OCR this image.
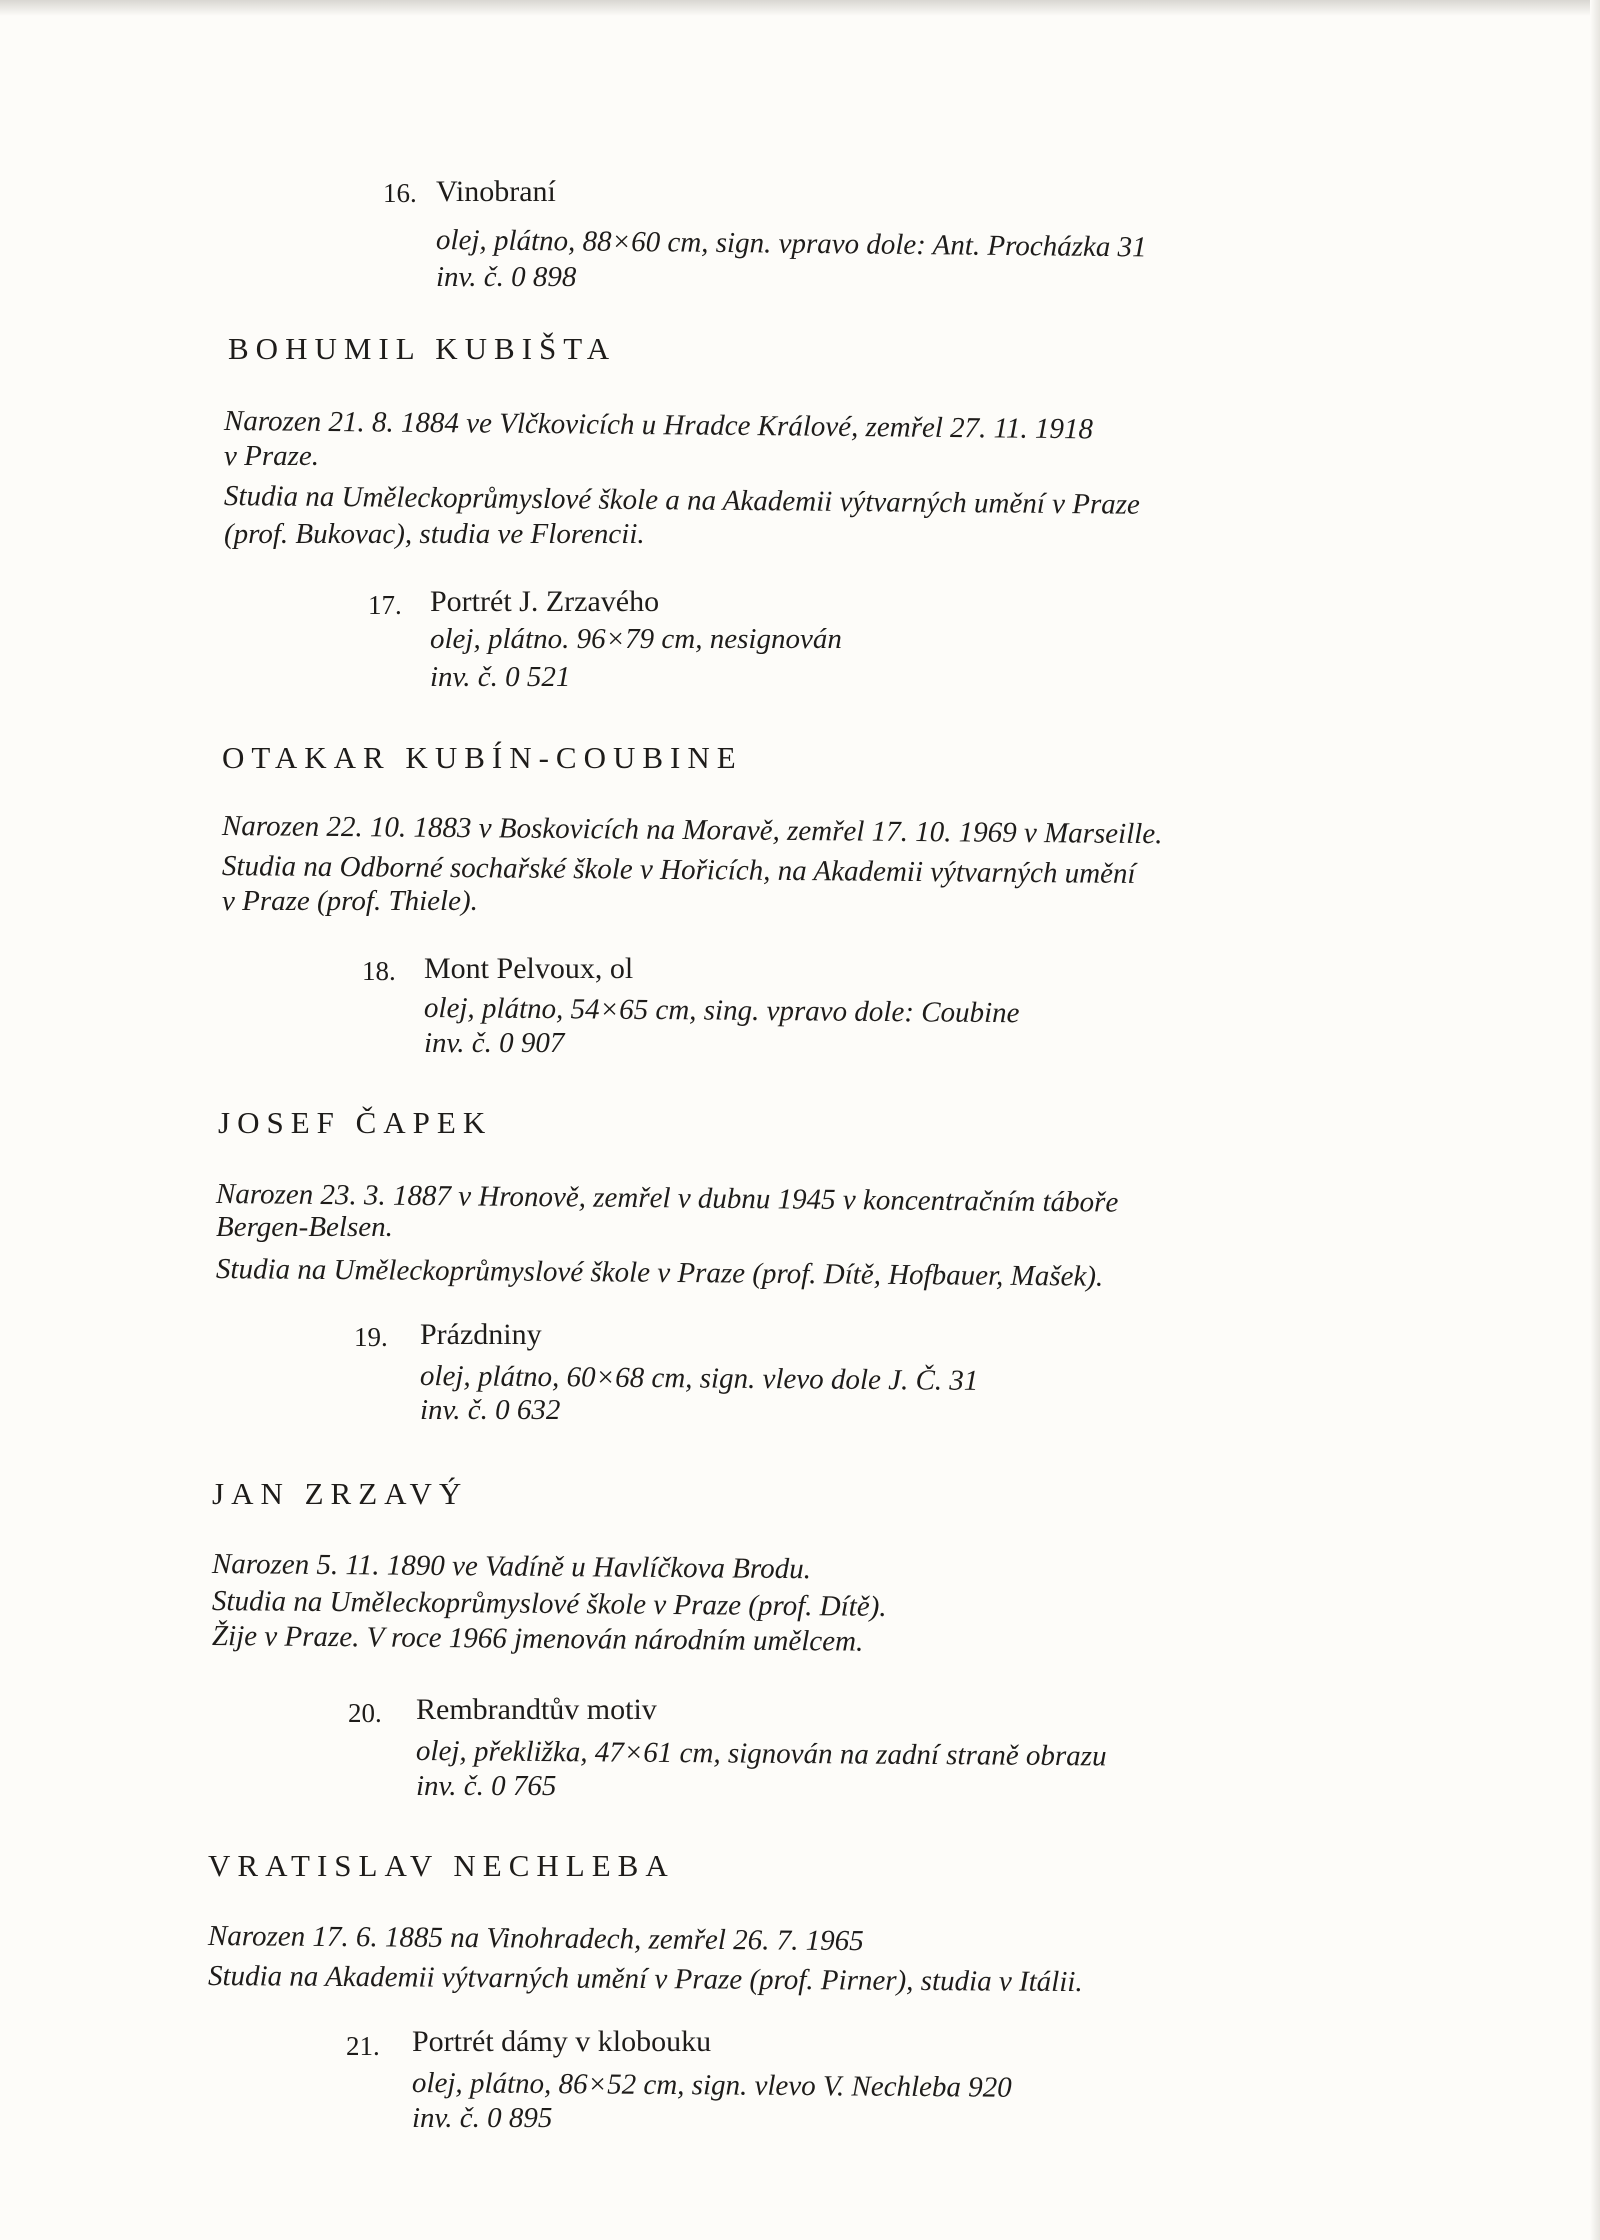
16. Vinobraní
olej, plátno, 88×60 cm, sign. vpravo dole: Ant. Procházka 31
inv. č. 0 898
BOHUMIL KUBIŠTA
Narozen 21. 8. 1884 ve Vlčkovicích u Hradce Králové, zemřel 27. 11. 1918
v Praze.
Studia na Uměleckoprůmyslové škole a na Akademii výtvarných umění v Praze
(prof. Bukovac), studia ve Florencii.
17. Portrét J. Zrzavého
olej, plátno. 96×79 cm, nesignován
inv. č. 0 521
OTAKAR KUBÍN-COUBINE
Narozen 22. 10. 1883 v Boskovicích na Moravě, zemřel 17. 10. 1969 v Marseille.
Studia na Odborné sochařské škole v Hořicích, na Akademii výtvarných umění
v Praze (prof. Thiele).
18. Mont Pelvoux, ol
olej, plátno, 54×65 cm, sing. vpravo dole: Coubine
inv. č. 0 907
JOSEF ČAPEK
Narozen 23. 3. 1887 v Hronově, zemřel v dubnu 1945 v koncentračním táboře
Bergen-Belsen.
Studia na Uměleckoprůmyslové škole v Praze (prof. Dítě, Hofbauer, Mašek).
19. Prázdniny
olej, plátno, 60×68 cm, sign. vlevo dole J. Č. 31
inv. č. 0 632
JAN ZRZAVÝ
Narozen 5. 11. 1890 ve Vadíně u Havlíčkova Brodu.
Studia na Uměleckoprůmyslové škole v Praze (prof. Dítě).
Žije v Praze. V roce 1966 jmenován národním umělcem.
20. Rembrandtův motiv
olej, překližka, 47×61 cm, signován na zadní straně obrazu
inv. č. 0 765
VRATISLAV NECHLEBA
Narozen 17. 6. 1885 na Vinohradech, zemřel 26. 7. 1965
Studia na Akademii výtvarných umění v Praze (prof. Pirner), studia v Itálii.
21. Portrét dámy v klobouku
olej, plátno, 86×52 cm, sign. vlevo V. Nechleba 920
inv. č. 0 895
